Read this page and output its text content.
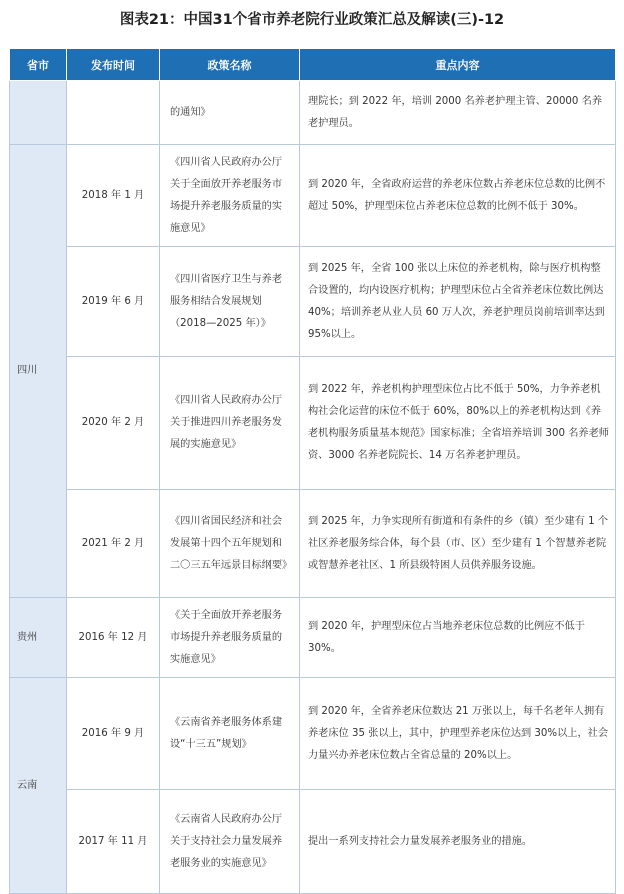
图表21：中国31个省市养老院行业政策汇总及解读(三)-12
省市	发布时间	政策名称	重点内容
		的通知》	理院长；到 2022 年，培训 2000 名养老护理主管、20000 名养老护理员。
四川	2018 年 1 月	《四川省人民政府办公厅关于全面放开养老服务市场提升养老服务质量的实施意见》	到 2020 年，全省政府运营的养老床位数占养老床位总数的比例不超过 50%，护理型床位占养老床位总数的比例不低于 30%。
	2019 年 6 月	《四川省医疗卫生与养老服务相结合发展规划（2018—2025 年）》	到 2025 年，全省 100 张以上床位的养老机构，除与医疗机构整合设置的，均内设医疗机构；护理型床位占全省养老床位数比例达 40%；培训养老从业人员 60 万人次，养老护理员岗前培训率达到 95%以上。
	2020 年 2 月	《四川省人民政府办公厅关于推进四川养老服务发展的实施意见》	到 2022 年，养老机构护理型床位占比不低于 50%，力争养老机构社会化运营的床位不低于 60%，80%以上的养老机构达到《养老机构服务质量基本规范》国家标准；全省培养培训 300 名养老师资、3000 名养老院院长、14 万名养老护理员。
	2021 年 2 月	《四川省国民经济和社会发展第十四个五年规划和二〇三五年远景目标纲要》	到 2025 年，力争实现所有街道和有条件的乡（镇）至少建有 1 个社区养老服务综合体，每个县（市、区）至少建有 1 个智慧养老院或智慧养老社区、1 所县级特困人员供养服务设施。
贵州	2016 年 12 月	《关于全面放开养老服务市场提升养老服务质量的实施意见》	到 2020 年，护理型床位占当地养老床位总数的比例应不低于 30%。
云南	2016 年 9 月	《云南省养老服务体系建设“十三五”规划》	到 2020 年，全省养老床位数达 21 万张以上，每千名老年人拥有养老床位 35 张以上，其中，护理型养老床位达到 30%以上，社会力量兴办养老床位数占全省总量的 20%以上。
	2017 年 11 月	《云南省人民政府办公厅关于支持社会力量发展养老服务业的实施意见》	提出一系列支持社会力量发展养老服务业的措施。
